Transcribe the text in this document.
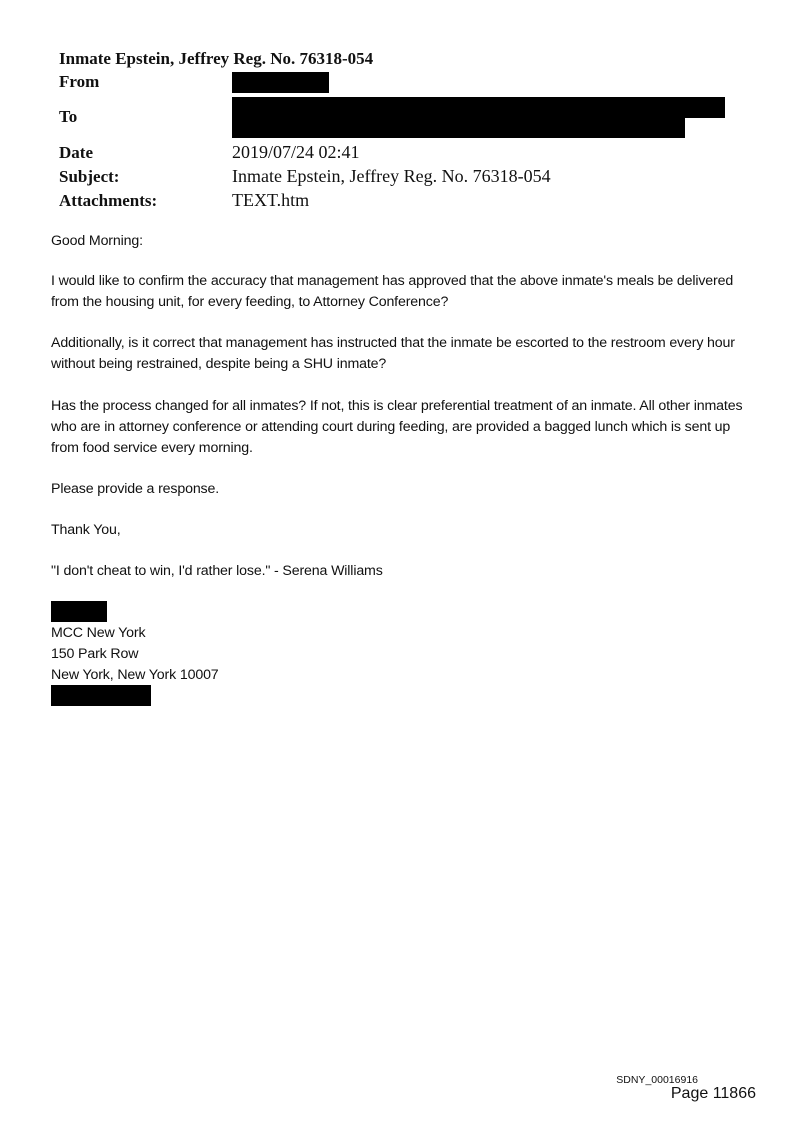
Inmate Epstein, Jeffrey Reg. No. 76318-054
From
To
Date	2019/07/24 02:41
Subject:	Inmate Epstein, Jeffrey Reg. No. 76318-054
Attachments:	TEXT.htm
Good Morning:
I would like to confirm the accuracy that management has approved that the above inmate's meals be delivered from the housing unit, for every feeding, to Attorney Conference?
Additionally, is it correct that management has instructed that the inmate be escorted to the restroom every hour without being restrained, despite being a SHU inmate?
Has the process changed for all inmates? If not, this is clear preferential treatment of an inmate. All other inmates who are in attorney conference or attending court during feeding, are provided a bagged lunch which is sent up from food service every morning.
Please provide a response.
Thank You,
"I don't cheat to win, I'd rather lose." - Serena Williams
MCC New York
150 Park Row
New York, New York 10007
SDNY_00016916
Page 11866
